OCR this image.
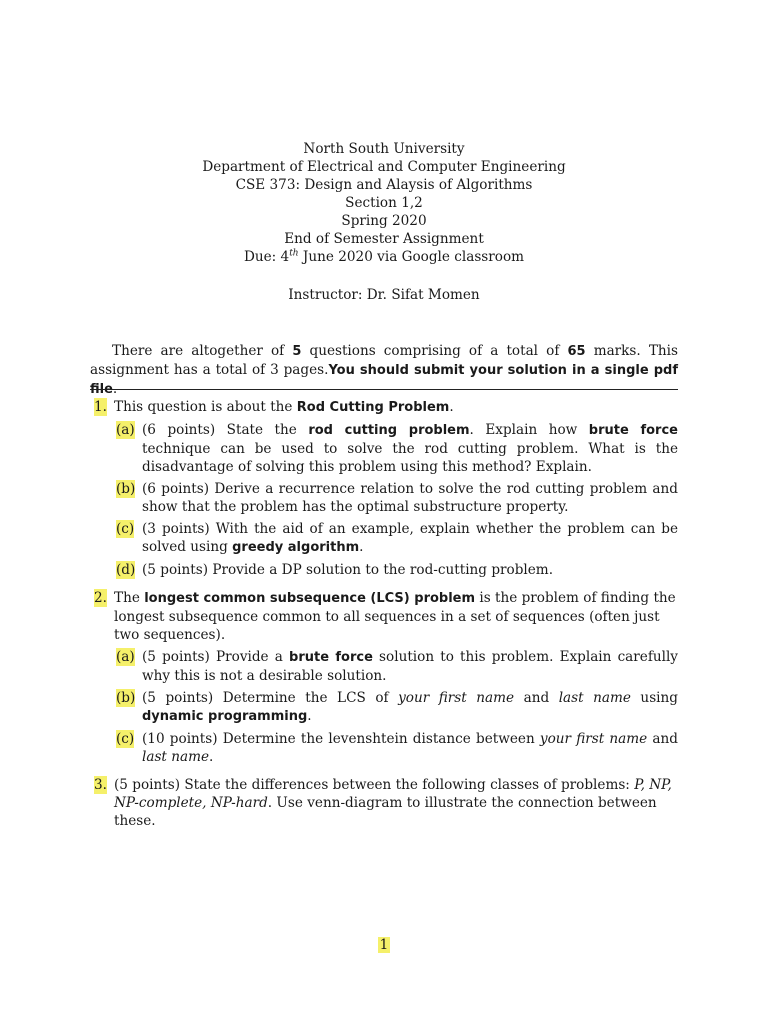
North South University
Department of Electrical and Computer Engineering
CSE 373: Design and Alaysis of Algorithms
Section 1,2
Spring 2020
End of Semester Assignment
Due: 4th June 2020 via Google classroom
Instructor: Dr. Sifat Momen
There are altogether of 5 questions comprising of a total of 65 marks. This assignment has a total of 3 pages.You should submit your solution in a single pdf file.
1. This question is about the Rod Cutting Problem.
(a) (6 points) State the rod cutting problem. Explain how brute force technique can be used to solve the rod cutting problem. What is the disadvantage of solving this problem using this method? Explain.
(b) (6 points) Derive a recurrence relation to solve the rod cutting problem and show that the problem has the optimal substructure property.
(c) (3 points) With the aid of an example, explain whether the problem can be solved using greedy algorithm.
(d) (5 points) Provide a DP solution to the rod-cutting problem.
2. The longest common subsequence (LCS) problem is the problem of finding the longest subsequence common to all sequences in a set of sequences (often just two sequences).
(a) (5 points) Provide a brute force solution to this problem. Explain carefully why this is not a desirable solution.
(b) (5 points) Determine the LCS of your first name and last name using dynamic programming.
(c) (10 points) Determine the levenshtein distance between your first name and last name.
3. (5 points) State the differences between the following classes of problems: P, NP, NP-complete, NP-hard. Use venn-diagram to illustrate the connection between these.
1
